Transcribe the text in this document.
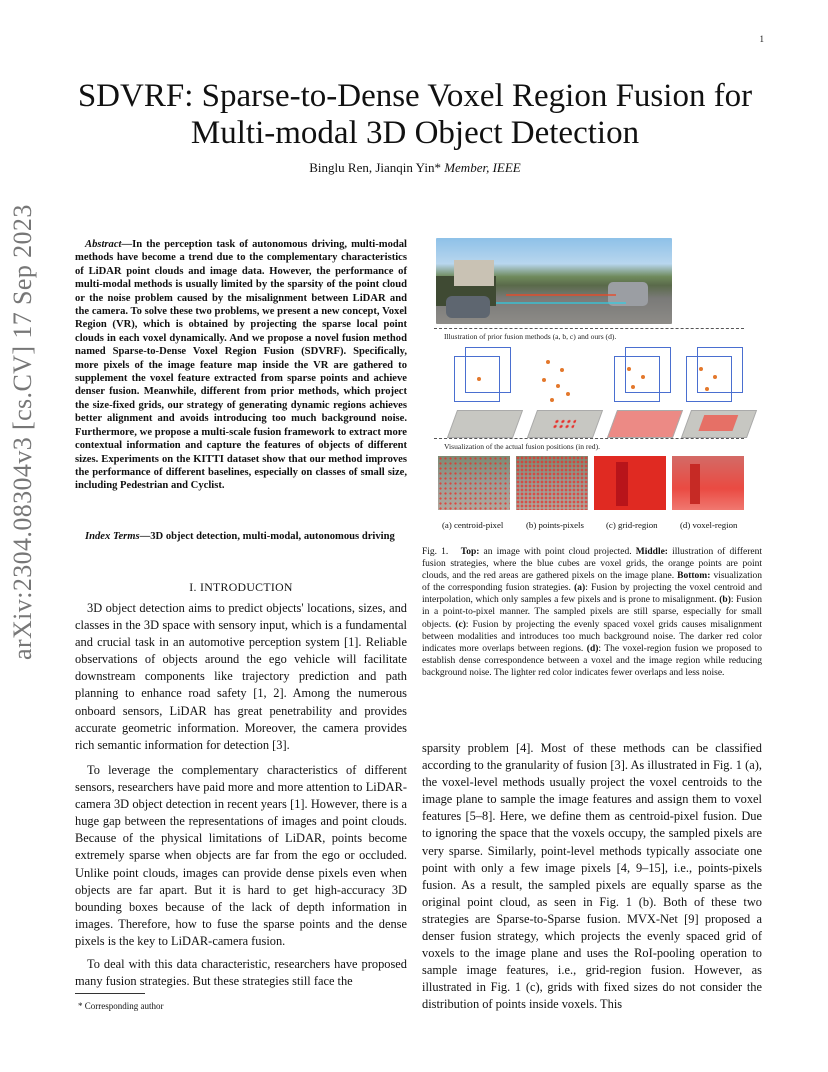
1
arXiv:2304.08304v3 [cs.CV] 17 Sep 2023
SDVRF: Sparse-to-Dense Voxel Region Fusion for
Multi-modal 3D Object Detection
Binglu Ren, Jianqin Yin* Member, IEEE
Abstract—In the perception task of autonomous driving, multi-modal methods have become a trend due to the complementary characteristics of LiDAR point clouds and image data. However, the performance of multi-modal methods is usually limited by the sparsity of the point cloud or the noise problem caused by the misalignment between LiDAR and the camera. To solve these two problems, we present a new concept, Voxel Region (VR), which is obtained by projecting the sparse local point clouds in each voxel dynamically. And we propose a novel fusion method named Sparse-to-Dense Voxel Region Fusion (SDVRF). Specifically, more pixels of the image feature map inside the VR are gathered to supplement the voxel feature extracted from sparse points and achieve denser fusion. Meanwhile, different from prior methods, which project the size-fixed grids, our strategy of generating dynamic regions achieves better alignment and avoids introducing too much background noise. Furthermore, we propose a multi-scale fusion framework to extract more contextual information and capture the features of objects of different sizes. Experiments on the KITTI dataset show that our method improves the performance of different baselines, especially on classes of small size, including Pedestrian and Cyclist.
Index Terms—3D object detection, multi-modal, autonomous driving
I. INTRODUCTION
3D object detection aims to predict objects' locations, sizes, and classes in the 3D space with sensory input, which is a fundamental and crucial task in an automotive perception system [1]. Reliable observations of objects around the ego vehicle will facilitate downstream components like trajectory prediction and path planning to enhance road safety [1, 2]. Among the numerous onboard sensors, LiDAR has great penetrability and provides accurate geometric information. Moreover, the camera provides rich semantic information for detection [3].
To leverage the complementary characteristics of different sensors, researchers have paid more and more attention to LiDAR-camera 3D object detection in recent years [1]. However, there is a huge gap between the representations of images and point clouds. Because of the physical limitations of LiDAR, points become extremely sparse when objects are far from the ego or occluded. Unlike point clouds, images can provide dense pixels even when objects are far apart. But it is hard to get high-accuracy 3D bounding boxes because of the lack of depth information in images. Therefore, how to fuse the sparse points and the dense pixels is the key to LiDAR-camera fusion.
To deal with this data characteristic, researchers have proposed many fusion strategies. But these strategies still face the
* Corresponding author
Illustration of prior fusion methods (a, b, c) and ours (d).
Visualization of the actual fusion positions (in red).
(a) centroid-pixel	(b) points-pixels	(c) grid-region	(d) voxel-region
Fig. 1. Top: an image with point cloud projected. Middle: illustration of different fusion strategies, where the blue cubes are voxel grids, the orange points are point clouds, and the red areas are gathered pixels on the image plane. Bottom: visualization of the corresponding fusion strategies. (a): Fusion by projecting the voxel centroid and interpolation, which only samples a few pixels and is prone to misalignment. (b): Fusion in a point-to-pixel manner. The sampled pixels are still sparse, especially for small objects. (c): Fusion by projecting the evenly spaced voxel grids causes misalignment between modalities and introduces too much background noise. The darker red color indicates more overlaps between regions. (d): The voxel-region fusion we proposed to establish dense correspondence between a voxel and the image region while reducing background noise. The lighter red color indicates fewer overlaps and less noise.
sparsity problem [4]. Most of these methods can be classified according to the granularity of fusion [3]. As illustrated in Fig. 1 (a), the voxel-level methods usually project the voxel centroids to the image plane to sample the image features and assign them to voxel features [5–8]. Here, we define them as centroid-pixel fusion. Due to ignoring the space that the voxels occupy, the sampled pixels are very sparse. Similarly, point-level methods typically associate one point with only a few image pixels [4, 9–15], i.e., points-pixels fusion. As a result, the sampled pixels are equally sparse as the original point cloud, as seen in Fig. 1 (b). Both of these two strategies are Sparse-to-Sparse fusion. MVX-Net [9] proposed a denser fusion strategy, which projects the evenly spaced grid of voxels to the image plane and uses the RoI-pooling operation to sample image features, i.e., grid-region fusion. However, as illustrated in Fig. 1 (c), grids with fixed sizes do not consider the distribution of points inside voxels. This
